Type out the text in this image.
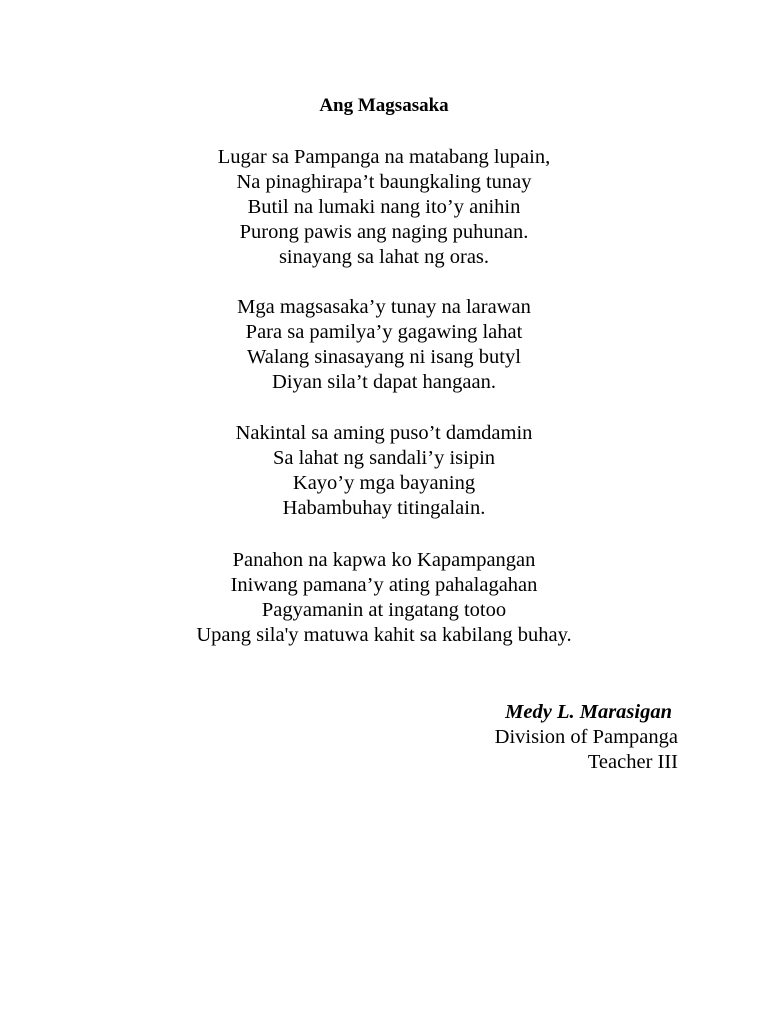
Ang Magsasaka
Lugar sa Pampanga na matabang lupain,
Na pinaghirapa’t baungkaling tunay
Butil na lumaki nang ito’y anihin
Purong pawis ang naging puhunan.
sinayang sa lahat ng oras.
Mga magsasaka’y tunay na larawan
Para sa pamilya’y gagawing lahat
Walang sinasayang ni isang butyl
Diyan sila’t dapat hangaan.
Nakintal sa aming puso’t damdamin
Sa lahat ng sandali’y isipin
Kayo’y mga bayaning
Habambuhay titingalain.
Panahon na kapwa ko Kapampangan
Iniwang pamana’y ating pahalagahan
Pagyamanin at ingatang totoo
Upang sila'y matuwa kahit sa kabilang buhay.
Medy L. Marasigan
Division of Pampanga
Teacher III
